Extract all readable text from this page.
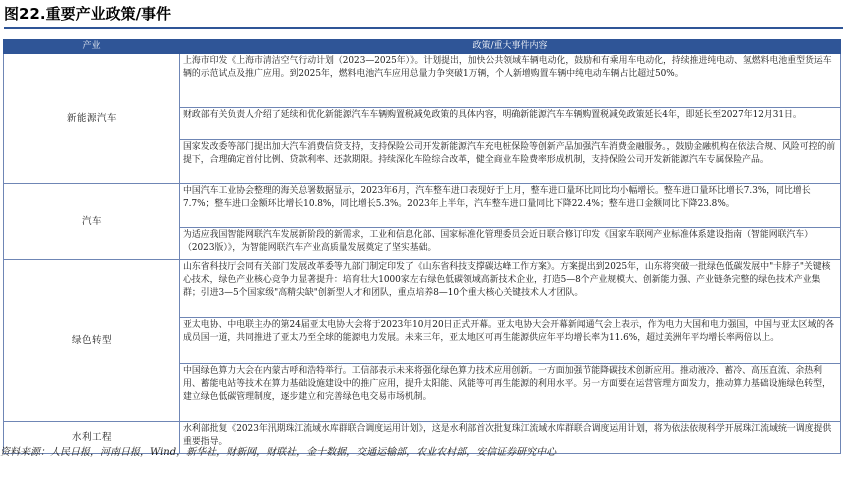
图22.重要产业政策/事件
产业	政策/重大事件内容
新能源汽车	上海市印发《上海市清洁空气行动计划（2023—2025年）》。计划提出，加快公共领域车辆电动化，鼓励和有乘用车电动化，持续推进纯电动、氢燃料电池重型货运车辆的示范试点及推广应用。到2025年，燃料电池汽车应用总量力争突破1万辆，个人新增购置车辆中纯电动车辆占比超过50%。
	财政部有关负责人介绍了延续和优化新能源汽车车辆购置税减免政策的具体内容，明确新能源汽车车辆购置税减免政策延长4年，即延长至2027年12月31日。
	国家发改委等部门提出加大汽车消费信贷支持，支持保险公司开发新能源汽车充电桩保险等创新产品加强汽车消费金融服务。，鼓励金融机构在依法合规、风险可控的前提下，合理确定首付比例、贷款利率、还款期限。持续深化车险综合改革，健全商业车险费率形成机制，支持保险公司开发新能源汽车专属保险产品。
汽车	中国汽车工业协会整理的海关总署数据显示，2023年6月，汽车整车进口表现好于上月，整车进口量环比同比均小幅增长。整车进口量环比增长7.3%，同比增长7.7%；整车进口金额环比增长10.8%，同比增长5.3%。2023年上半年，汽车整车进口量同比下降22.4%；整车进口金额同比下降23.8%。
	为适应我国智能网联汽车发展新阶段的新需求，工业和信息化部、国家标准化管理委员会近日联合修订印发《国家车联网产业标准体系建设指南（智能网联汽车）（2023版）》，为智能网联汽车产业高质量发展奠定了坚实基础。
绿色转型	山东省科技厅会同有关部门发展改革委等九部门制定印发了《山东省科技支撑碳达峰工作方案》。方案提出到2025年，山东将突破一批绿色低碳发展中"卡脖子"关键核心技术，绿色产业核心竞争力显著提升：培育壮大1000家左右绿色低碳领域高新技术企业，打造5—8个产业规模大、创新能力强、产业链条完整的绿色技术产业集群；引进3—5个国家级"高精尖缺"创新型人才和团队，重点培养8—10个重大核心关键技术人才团队。
	亚太电协、中电联主办的第24届亚太电协大会将于2023年10月20日正式开幕。亚太电协大会开幕新闻通气会上表示，作为电力大国和电力强国，中国与亚太区域的各成员国一道，共同推进了亚太乃至全球的能源电力发展。未来三年，亚太地区可再生能源供应年平均增长率为11.6%，超过美洲年平均增长率两倍以上。
	中国绿色算力大会在内蒙古呼和浩特举行。工信部表示未来将强化绿色算力技术应用创新。一方面加强节能降碳技术创新应用。推动液冷、蓄冷、高压直流、余热利用、蓄能电站等技术在算力基础设施建设中的推广应用，提升太阳能、风能等可再生能源的利用水平。另一方面要在运营管理方面发力，推动算力基础设施绿色转型，建立绿色低碳管理制度，逐步建立和完善绿色电交易市场机制。
水利工程	水利部批复《2023年汛期珠江流域水库群联合调度运用计划》，这是水利部首次批复珠江流域水库群联合调度运用计划，将为依法依规科学开展珠江流域统一调度提供重要指导。
资料来源：人民日报，河南日报，Wind，新华社，财新网，财联社，金十数据，交通运输部，农业农村部，安信证券研究中心
